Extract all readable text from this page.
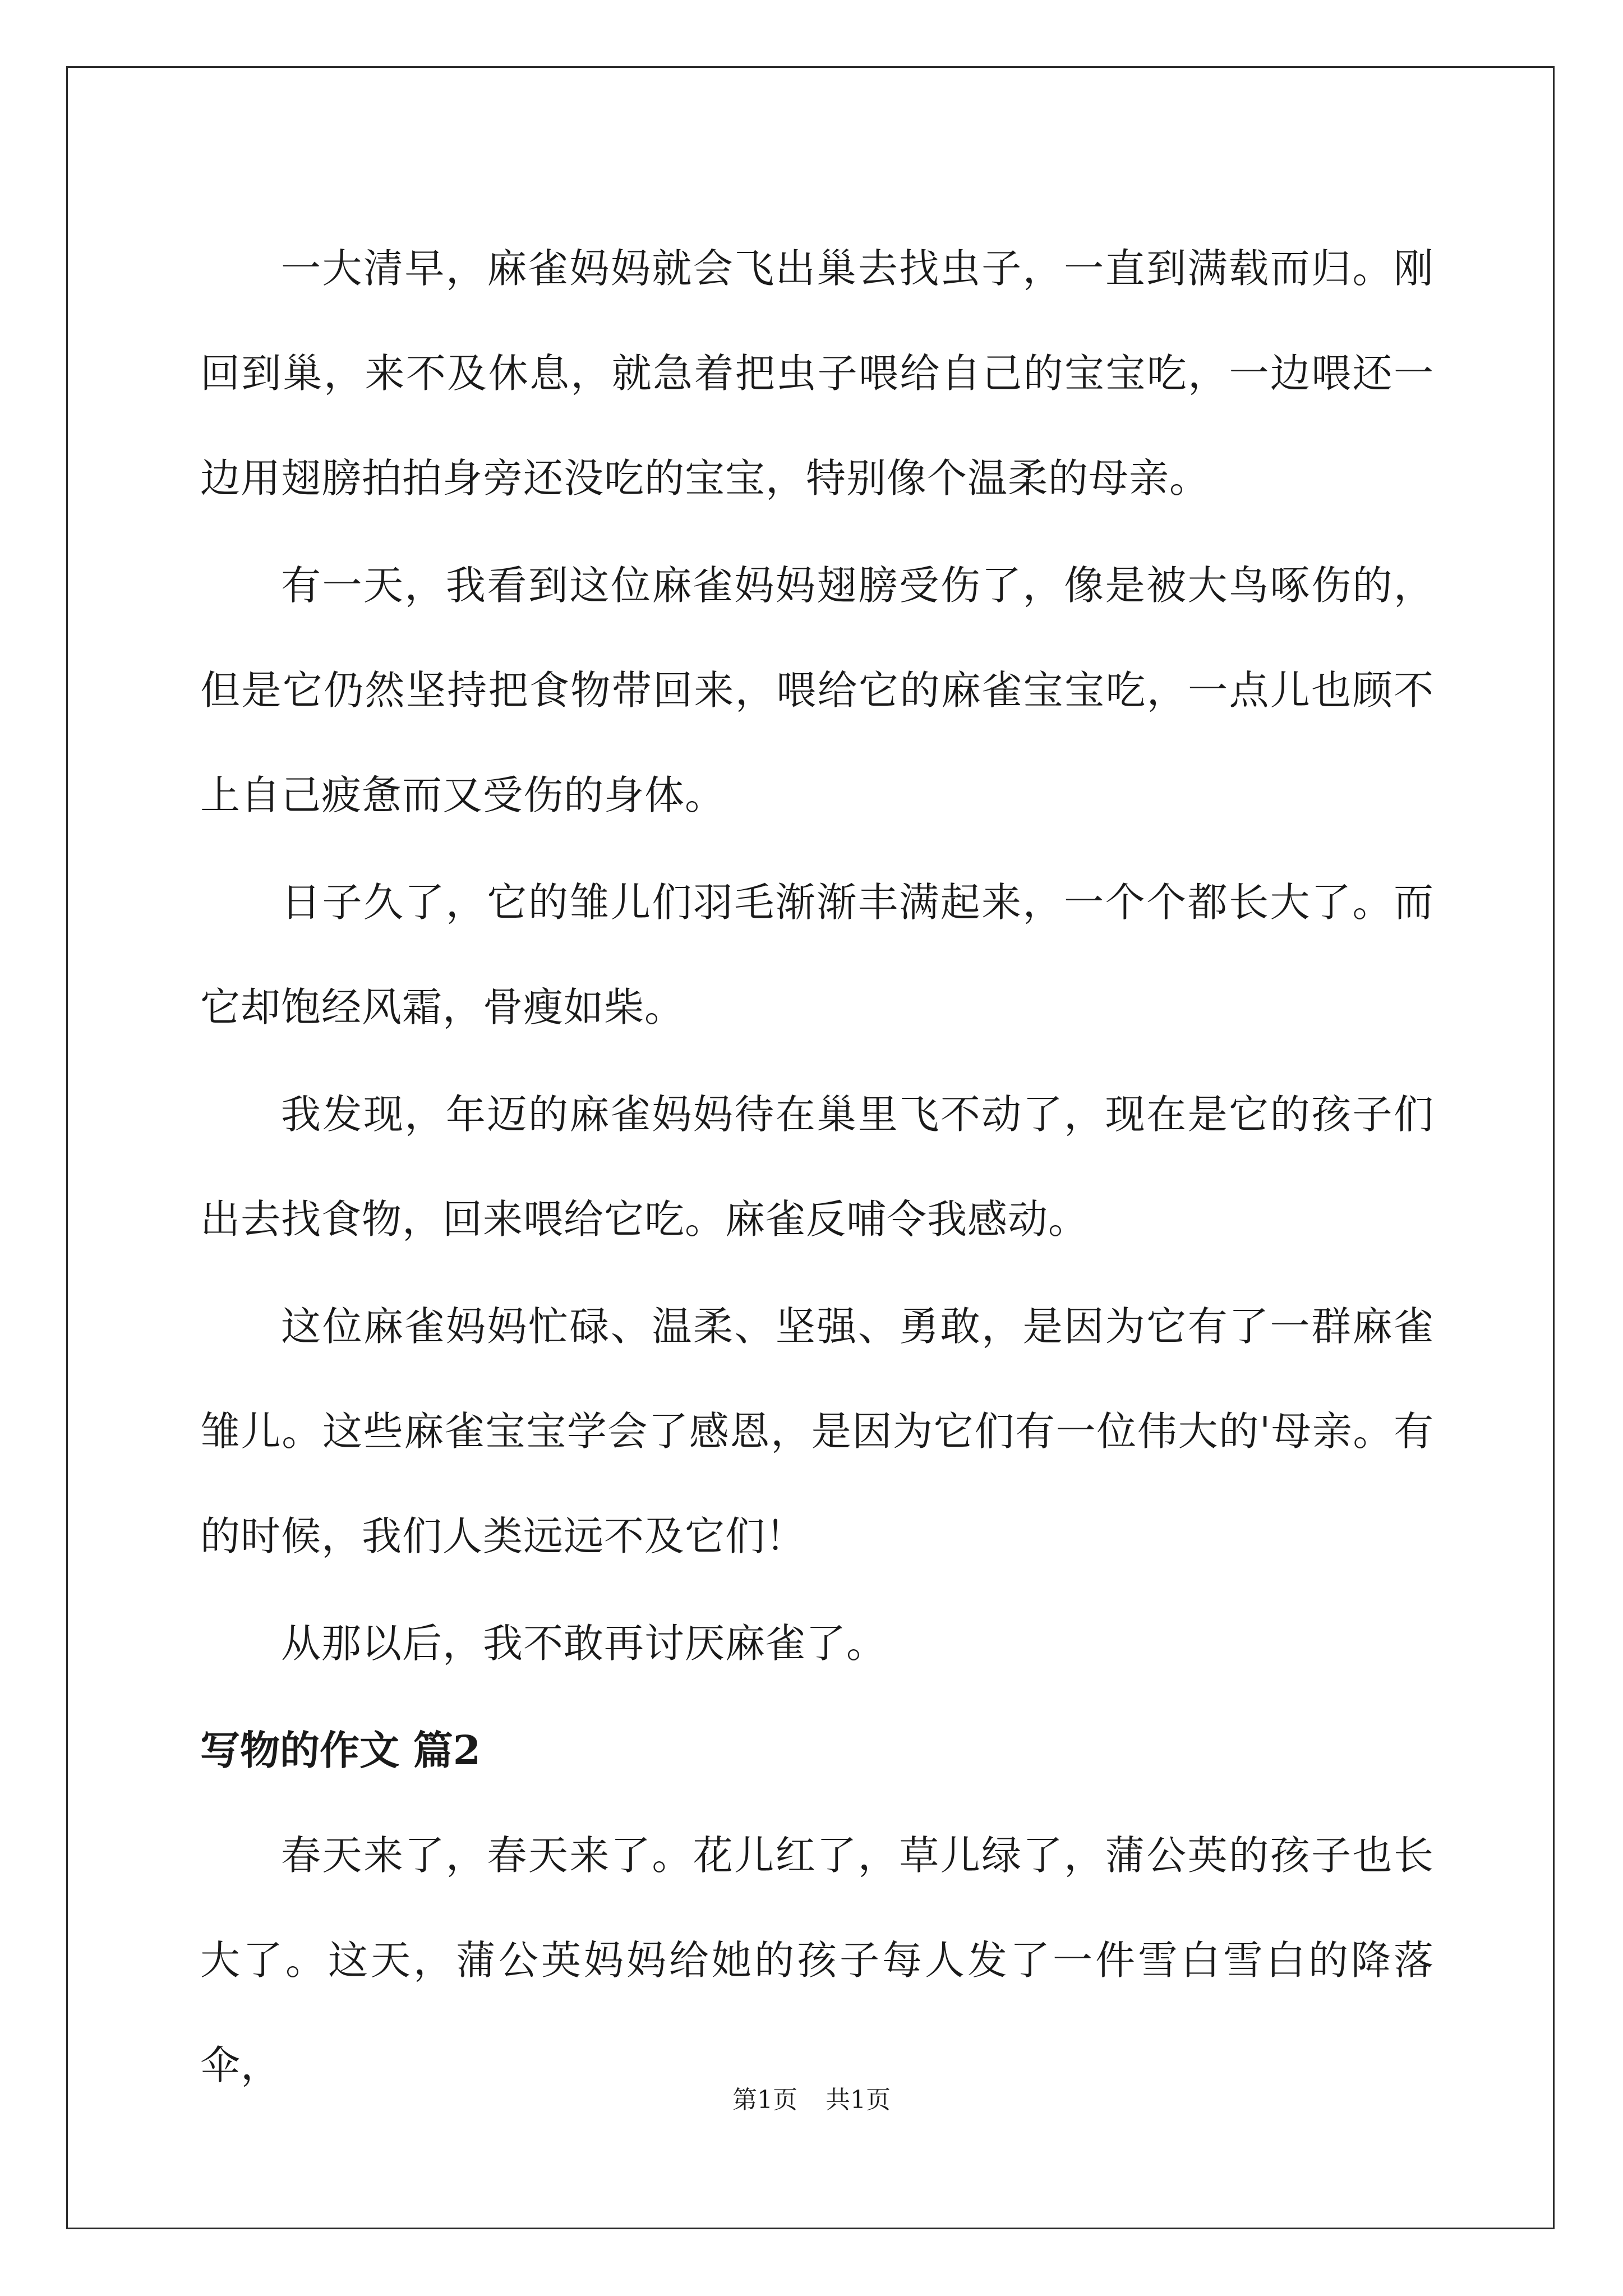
一大清早，麻雀妈妈就会飞出巢去找虫子，一直到满载而归。刚回到巢，来不及休息，就急着把虫子喂给自己的宝宝吃，一边喂还一边用翅膀拍拍身旁还没吃的宝宝，特别像个温柔的母亲。

有一天，我看到这位麻雀妈妈翅膀受伤了，像是被大鸟啄伤的，但是它仍然坚持把食物带回来，喂给它的麻雀宝宝吃，一点儿也顾不上自己疲惫而又受伤的身体。

日子久了，它的雏儿们羽毛渐渐丰满起来，一个个都长大了。而它却饱经风霜，骨瘦如柴。

我发现，年迈的麻雀妈妈待在巢里飞不动了，现在是它的孩子们出去找食物，回来喂给它吃。麻雀反哺令我感动。

这位麻雀妈妈忙碌、温柔、坚强、勇敢，是因为它有了一群麻雀雏儿。这些麻雀宝宝学会了感恩，是因为它们有一位伟大的'母亲。有的时候，我们人类远远不及它们！

从那以后，我不敢再讨厌麻雀了。

写物的作文 篇2

春天来了，春天来了。花儿红了，草儿绿了，蒲公英的孩子也长大了。这天，蒲公英妈妈给她的孩子每人发了一件雪白雪白的降落伞，

第1页 共1页
